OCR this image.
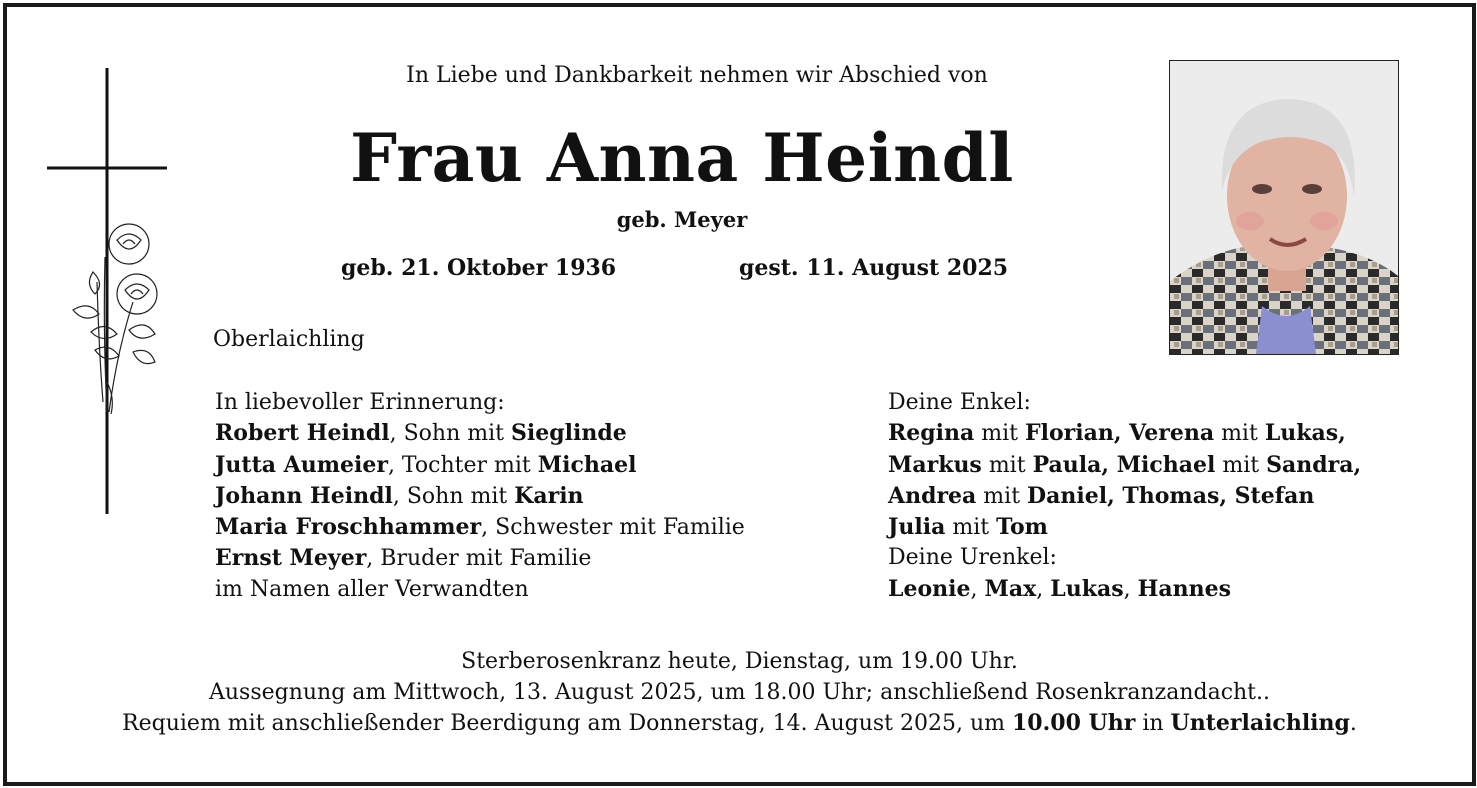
In Liebe und Dankbarkeit nehmen wir Abschied von
Frau Anna Heindl
geb. Meyer
geb. 21. Oktober 1936	gest. 11. August 2025
Oberlaichling
In liebevoller Erinnerung:
Robert Heindl, Sohn mit Sieglinde
Jutta Aumeier, Tochter mit Michael
Johann Heindl, Sohn mit Karin
Maria Froschhammer, Schwester mit Familie
Ernst Meyer, Bruder mit Familie
im Namen aller Verwandten
Deine Enkel:
Regina mit Florian, Verena mit Lukas,
Markus mit Paula, Michael mit Sandra,
Andrea mit Daniel, Thomas, Stefan
Julia mit Tom
Deine Urenkel:
Leonie, Max, Lukas, Hannes
Sterberosenkranz heute, Dienstag, um 19.00 Uhr.
Aussegnung am Mittwoch, 13. August 2025, um 18.00 Uhr; anschließend Rosenkranzandacht..
Requiem mit anschließender Beerdigung am Donnerstag, 14. August 2025, um 10.00 Uhr in Unterlaichling.
